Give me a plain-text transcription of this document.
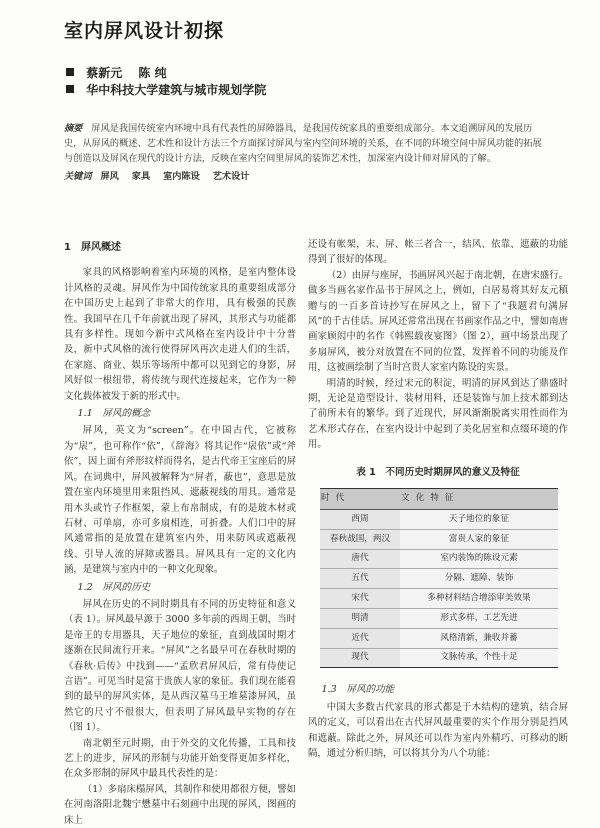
室内屏风设计初探
蔡新元 陈 纯
华中科技大学建筑与城市规划学院
摘要 屏风是我国传统室内环境中具有代表性的屏障器具，是我国传统家具的重要组成部分。本文追溯屏风的发展历史，从屏风的概述、艺术性和设计方法三个方面探讨屏风与室内空间环境的关系，在不同的环境空间中屏风功能的拓展与创造以及屏风在现代的设计方法，反映在室内空间里屏风的装饰艺术性，加深室内设计师对屏风的了解。
关键词 屏风 家具 室内陈设 艺术设计
1　屏风概述

家具的风格影响着室内环境的风格，是室内整体设计风格的灵魂。屏风作为中国传统家具的重要组成部分在中国历史上起到了非常大的作用，具有极强的民族性。我国早在几千年前就出现了屏风，其形式与功能都具有多样性。现如今新中式风格在室内设计中十分普及，新中式风格的流行使得屏风再次走进人们的生活，在家庭、商业、娱乐等场所中都可以见到它的身影，屏风好似一根纽带，将传统与现代连接起来，它作为一种文化载体被发于新的形式中。

1.1　屏风的概念

屏风，英文为“screen”。在中国古代，它被称为“扆”，也可称作“依”，《辞海》将其记作“扆依”或“斧依”，因上面有斧形纹样而得名，是古代帝王宝座后的屏风。在词典中，屏风被解释为“屏者，蔽也”，意思是放置在室内环境里用来阻挡风、遮蔽视线的用具。通常是用木头或竹子作框架，蒙上布帛制成，有的是玻木材或石材、可单扇，亦可多扇相连，可折叠。人们口中的屏风通常指的是放置在建筑室内外，用来防风或遮蔽视线、引导人流的屏障或器具。屏风具有一定的文化内涵，是建筑与室内中的一种文化现象。

1.2　屏风的历史

屏风在历史的不同时期具有不同的历史特征和意义（表 1）。屏风最早源于 3000 多年前的西周王朝，当时是帝王的专用器具，天子地位的象征，直到战国时期才逐渐在民间流行开来。“屏风”之名最早可在春秋时期的《春秋·后传》中找到——“孟欣君屏风后，常有侍使记言语”。可见当时是富于贵族人家的象征。我们现在能看到的最早的屏风实体，是从西汉墓马王堆墓漆屏风，虽然它的尺寸不很很大，但表明了屏风最早实物的存在（图 1）。

南北朝至元时期，由于外交的文化传播，工具和技艺上的进步，屏风的形制与功能开始变得更加多样化，在众多形制的屏风中最具代表性的是：

（1）多扇床榻屏风，其制作和使用都很方便，譬如在河南洛阳北魏宁懋墓中石刻画中出现的屏风，图画的床上

还设有帐架，末、屏、帐三者合一，结风、依靠、遮蔽的功能得到了很好的体现。

（2）由屏与座屏，书画屏风兴起于南北朝，在唐宋盛行。做多当画名家作品书于屏风之上，例如，白居易将其好友元稹赠与的一百多首诗抄写在屏风之上，留下了“我题君句满屏风”的千古佳话。屏风还常常出现在书画家作品之中，譬如南唐画家顾闳中的名作《韩熙载夜宴图》（图 2），画中场景出现了多扇屏风，被分对放置在不同的位置，发挥着不同的功能及作用，这被画绘制了当时宫贵人家室内陈设的实景。

明清的时候，经过宋元的积淀，明清的屏风到达了鼎盛时期，无论是造型设计、装材用料，还是装饰与加上技术都到达了前所未有的繁华。到了近现代，屏风渐渐脱离实用性而作为艺术形式存在，在室内设计中起到了美化居室和点缀环境的作用。

表 1　不同历史时期屏风的意义及特征
时代	文化特征
西周	天子地位的象征
春秋战国，两汉	富贵人家的象征
唐代	室内装饰的陈设元素
五代	分隔、遮障、装饰
宋代	多种材料结合增添审美效果
明清	形式多样，工艺先进
近代	风格清新，兼收并蓄
现代	文脉传承，个性十足

1.3　屏风的功能

中国大多数古代家具的形式都是于木结构的建筑，结合屏风的定义，可以看出在古代屏风最重要的实个作用分别是挡风和遮蔽。除此之外，屏风还可以作为室内外精巧、可移动的断隔，通过分析归纳，可以将其分为八个功能：
